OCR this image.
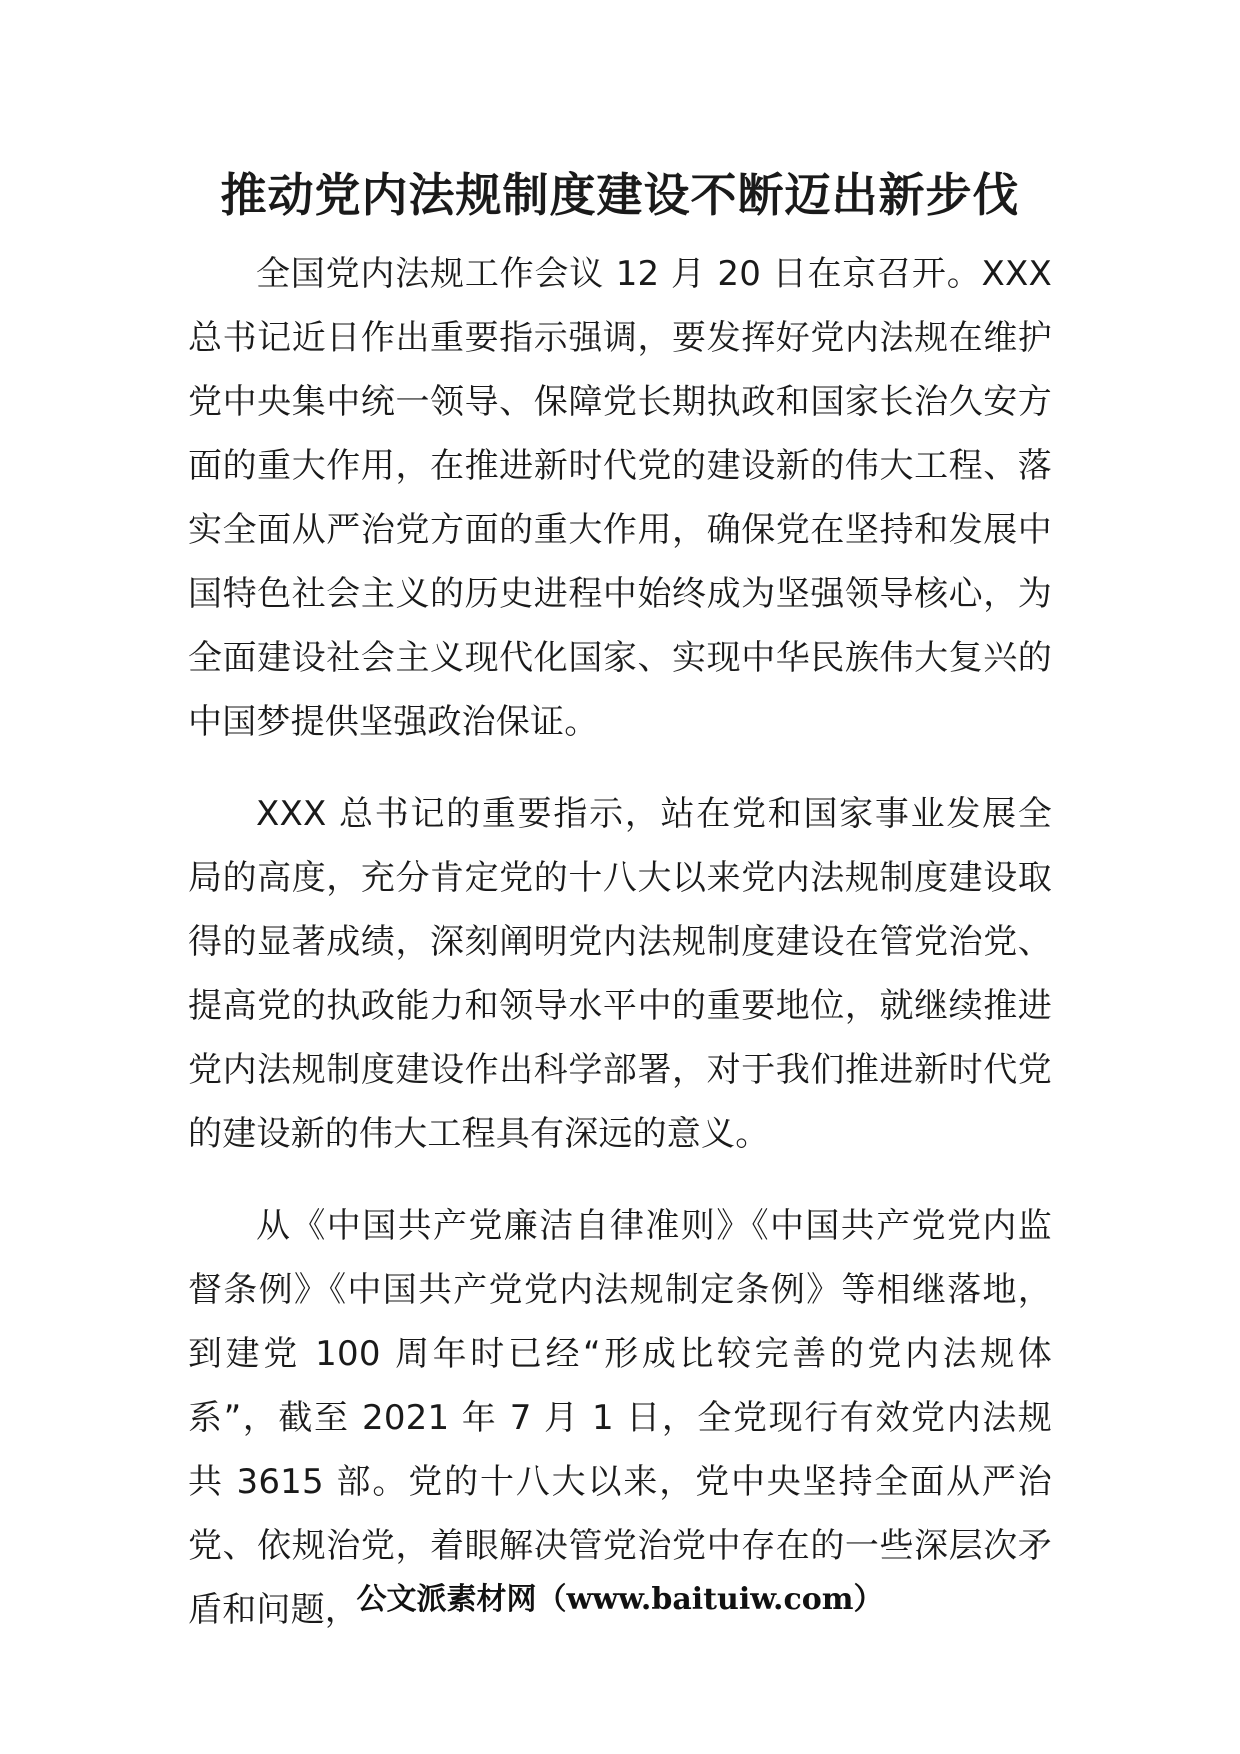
推动党内法规制度建设不断迈出新步伐

全国党内法规工作会议 12 月 20 日在京召开。XXX 总书记近日作出重要指示强调，要发挥好党内法规在维护党中央集中统一领导、保障党长期执政和国家长治久安方面的重大作用，在推进新时代党的建设新的伟大工程、落实全面从严治党方面的重大作用，确保党在坚持和发展中国特色社会主义的历史进程中始终成为坚强领导核心，为全面建设社会主义现代化国家、实现中华民族伟大复兴的中国梦提供坚强政治保证。

XXX 总书记的重要指示，站在党和国家事业发展全局的高度，充分肯定党的十八大以来党内法规制度建设取得的显著成绩，深刻阐明党内法规制度建设在管党治党、提高党的执政能力和领导水平中的重要地位，就继续推进党内法规制度建设作出科学部署，对于我们推进新时代党的建设新的伟大工程具有深远的意义。

从《中国共产党廉洁自律准则》《中国共产党党内监督条例》《中国共产党党内法规制定条例》等相继落地，到建党 100 周年时已经“形成比较完善的党内法规体系”，截至 2021 年 7 月 1 日，全党现行有效党内法规共 3615 部。党的十八大以来，党中央坚持全面从严治党、依规治党，着眼解决管党治党中存在的一些深层次矛盾和问题，

公文派素材网（www.baituiw.com）
